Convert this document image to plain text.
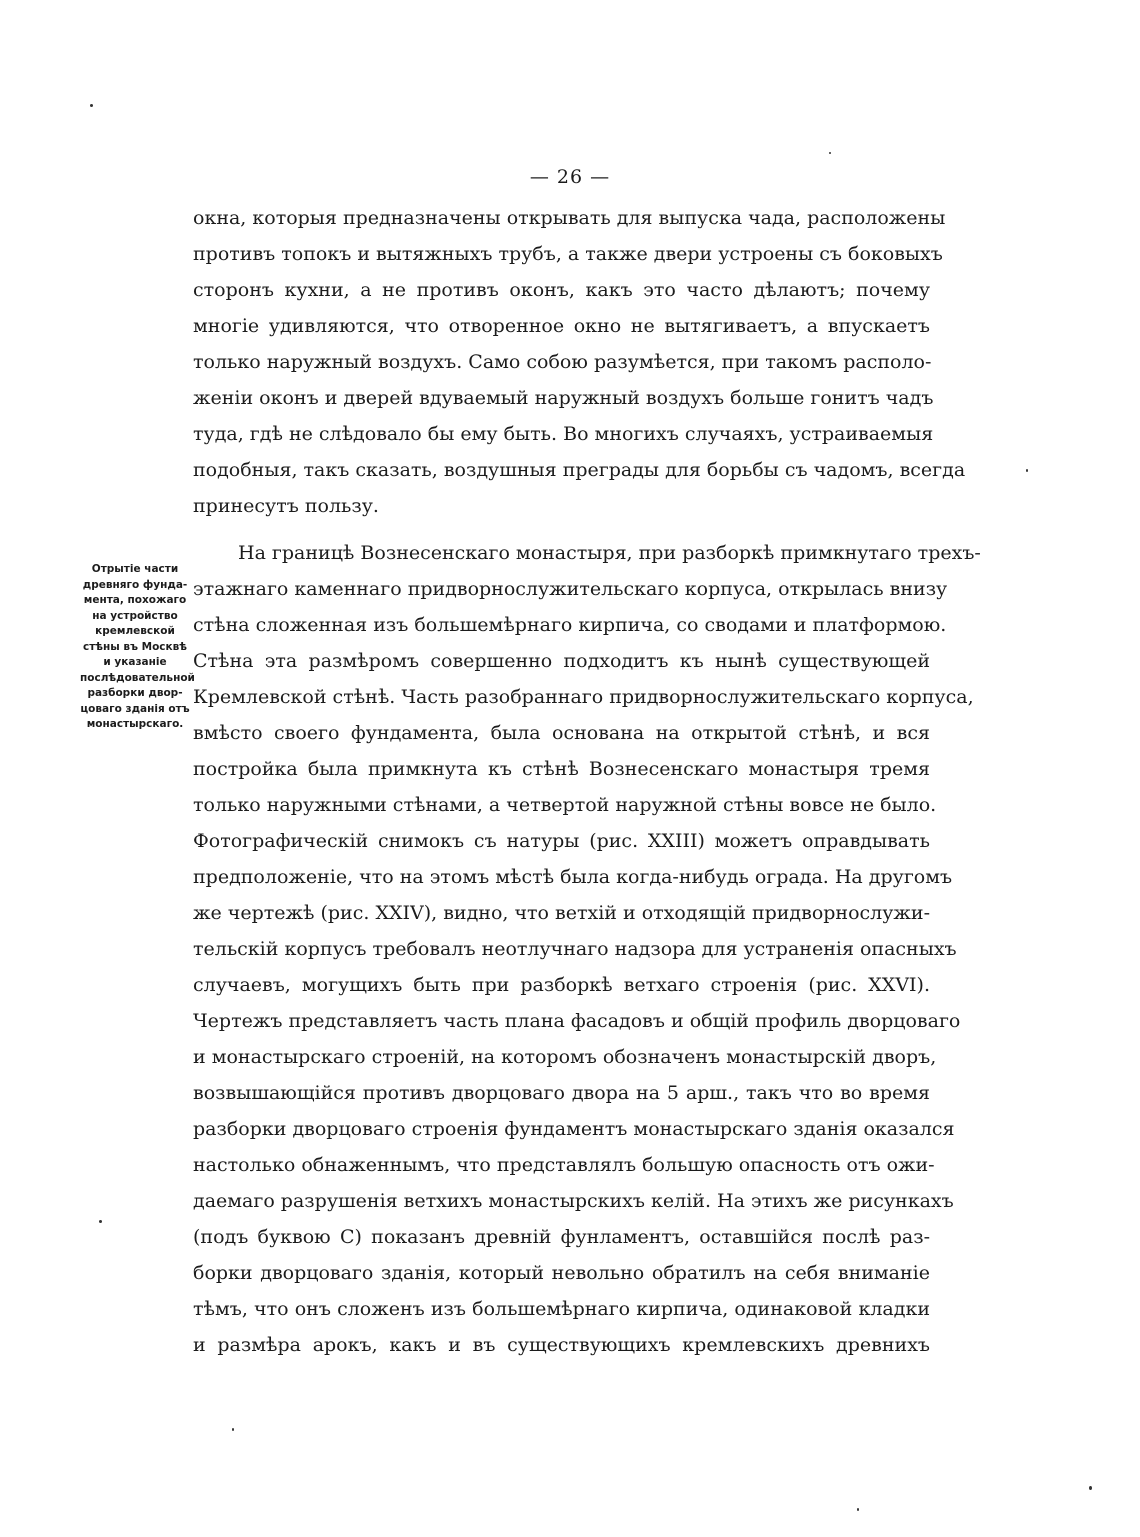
— 26 —
окна, которыя предназначены открывать для выпуска чада, расположены
противъ топокъ и вытяжныхъ трубъ, а также двери устроены съ боковыхъ
сторонъ кухни, а не противъ оконъ, какъ это часто дѣлаютъ; почему
многіе удивляются, что отворенное окно не вытягиваетъ, а впускаетъ
только наружный воздухъ. Само собою разумѣется, при такомъ располо-
женіи оконъ и дверей вдуваемый наружный воздухъ больше гонитъ чадъ
туда, гдѣ не слѣдовало бы ему быть. Во многихъ случаяхъ, устраиваемыя
подобныя, такъ сказать, воздушныя преграды для борьбы съ чадомъ, всегда
принесутъ пользу.
На границѣ Вознесенскаго монастыря, при разборкѣ примкнутаго трехъ-
этажнаго каменнаго придворнослужительскаго корпуса, открылась внизу
стѣна сложенная изъ большемѣрнаго кирпича, со сводами и платформою.
Стѣна эта размѣромъ совершенно подходитъ къ нынѣ существующей
Кремлевской стѣнѣ. Часть разобраннаго придворнослужительскаго корпуса,
вмѣсто своего фундамента, была основана на открытой стѣнѣ, и вся
постройка была примкнута къ стѣнѣ Вознесенскаго монастыря тремя
только наружными стѣнами, а четвертой наружной стѣны вовсе не было.
Фотографическій снимокъ съ натуры (рис. XXIII) можетъ оправдывать
предположеніе, что на этомъ мѣстѣ была когда-нибудь ограда. На другомъ
же чертежѣ (рис. XXIV), видно, что ветхій и отходящій придворнослужи-
тельскій корпусъ требовалъ неотлучнаго надзора для устраненія опасныхъ
случаевъ, могущихъ быть при разборкѣ ветхаго строенія (рис. XXVI).
Чертежъ представляетъ часть плана фасадовъ и общій профиль дворцоваго
и монастырскаго строеній, на которомъ обозначенъ монастырскій дворъ,
возвышающійся противъ дворцоваго двора на 5 арш., такъ что во время
разборки дворцоваго строенія фундаментъ монастырскаго зданія оказался
настолько обнаженнымъ, что представлялъ большую опасность отъ ожи-
даемаго разрушенія ветхихъ монастырскихъ келій. На этихъ же рисункахъ
(подъ буквою С) показанъ древній фунламентъ, оставшійся послѣ раз-
борки дворцоваго зданія, который невольно обратилъ на себя вниманіе
тѣмъ, что онъ сложенъ изъ большемѣрнаго кирпича, одинаковой кладки
и размѣра арокъ, какъ и въ существующихъ кремлевскихъ древнихъ
Отрытіе части
древняго фунда-
мента, похожаго
на устройство
кремлевской
стѣны въ Москвѣ
и указаніе
послѣдовательной
разборки двор-
цоваго зданія отъ
монастырскаго.
